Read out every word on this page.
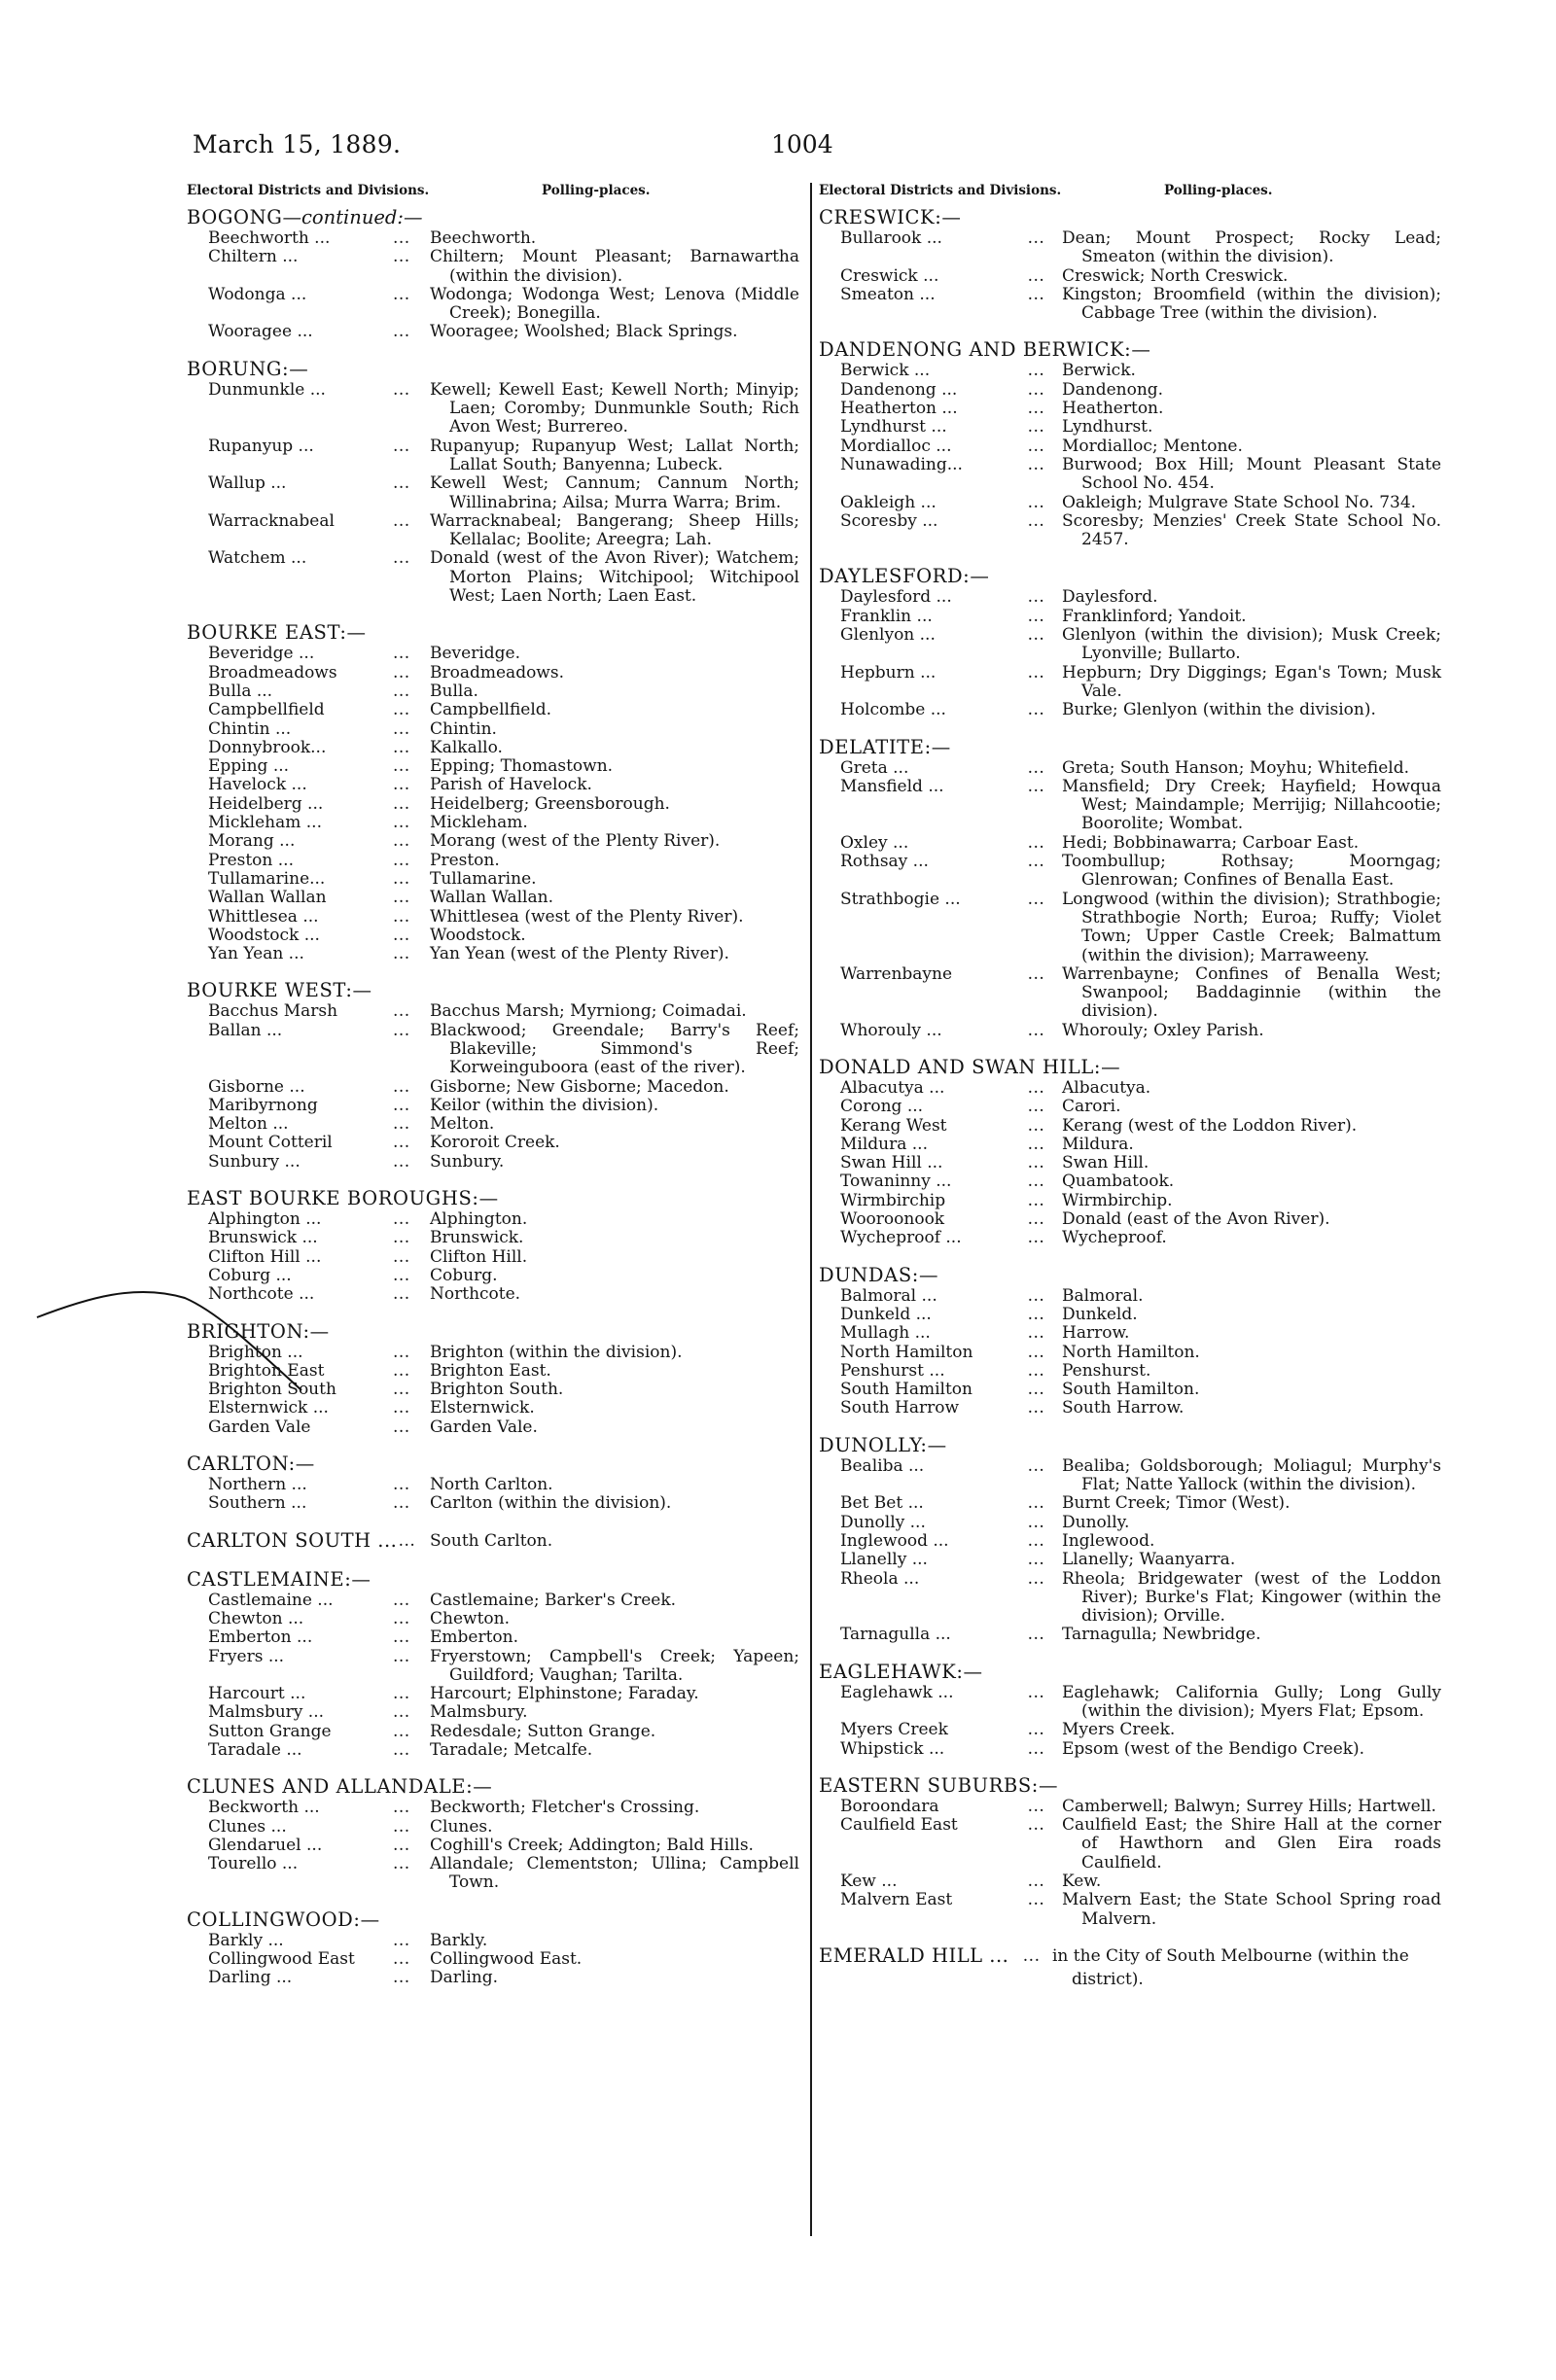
March 15, 1889.	1004
Electoral Districts and Divisions.	Polling-places.
BOGONG—continued:—
Beechworth ...	...	Beechworth.
Chiltern ...	...	Chiltern; Mount Pleasant; Barnawartha (within the division).
Wodonga ...	...	Wodonga; Wodonga West; Lenova (Middle Creek); Bonegilla.
Wooragee ...	...	Wooragee; Woolshed; Black Springs.
BORUNG:—
Dunmunkle ...	...	Kewell; Kewell East; Kewell North; Minyip; Laen; Coromby; Dunmunkle South; Rich Avon West; Burrereo.
Rupanyup ...	...	Rupanyup; Rupanyup West; Lallat North; Lallat South; Banyenna; Lubeck.
Wallup ...	...	Kewell West; Cannum; Cannum North; Willinabrina; Ailsa; Murra Warra; Brim.
Warracknabeal	...	Warracknabeal; Bangerang; Sheep Hills; Kellalac; Boolite; Areegra; Lah.
Watchem ...	...	Donald (west of the Avon River); Watchem; Morton Plains; Witchipool; Witchipool West; Laen North; Laen East.
BOURKE EAST:—
Beveridge ...	...	Beveridge.
Broadmeadows	...	Broadmeadows.
Bulla ...	...	Bulla.
Campbellfield	...	Campbellfield.
Chintin ...	...	Chintin.
Donnybrook...	...	Kalkallo.
Epping ...	...	Epping; Thomastown.
Havelock ...	...	Parish of Havelock.
Heidelberg ...	...	Heidelberg; Greensborough.
Mickleham ...	...	Mickleham.
Morang ...	...	Morang (west of the Plenty River).
Preston ...	...	Preston.
Tullamarine...	...	Tullamarine.
Wallan Wallan	...	Wallan Wallan.
Whittlesea ...	...	Whittlesea (west of the Plenty River).
Woodstock ...	...	Woodstock.
Yan Yean ...	...	Yan Yean (west of the Plenty River).
BOURKE WEST:—
Bacchus Marsh	...	Bacchus Marsh; Myrniong; Coimadai.
Ballan ...	...	Blackwood; Greendale; Barry's Reef; Blakeville; Simmond's Reef; Korweinguboora (east of the river).
Gisborne ...	...	Gisborne; New Gisborne; Macedon.
Maribyrnong	...	Keilor (within the division).
Melton ...	...	Melton.
Mount Cotteril	...	Kororoit Creek.
Sunbury ...	...	Sunbury.
EAST BOURKE BOROUGHS:—
Alphington ...	...	Alphington.
Brunswick ...	...	Brunswick.
Clifton Hill ...	...	Clifton Hill.
Coburg ...	...	Coburg.
Northcote ...	...	Northcote.
BRIGHTON:—
Brighton ...	...	Brighton (within the division).
Brighton East	...	Brighton East.
Brighton South	...	Brighton South.
Elsternwick ...	...	Elsternwick.
Garden Vale	...	Garden Vale.
CARLTON:—
Northern ...	...	North Carlton.
Southern ...	...	Carlton (within the division).
CARLTON SOUTH ... ... South Carlton.
CASTLEMAINE:—
Castlemaine ...	...	Castlemaine; Barker's Creek.
Chewton ...	...	Chewton.
Emberton ...	...	Emberton.
Fryers ...	...	Fryerstown; Campbell's Creek; Yapeen; Guildford; Vaughan; Tarilta.
Harcourt ...	...	Harcourt; Elphinstone; Faraday.
Malmsbury ...	...	Malmsbury.
Sutton Grange	...	Redesdale; Sutton Grange.
Taradale ...	...	Taradale; Metcalfe.
CLUNES AND ALLANDALE:—
Beckworth ...	...	Beckworth; Fletcher's Crossing.
Clunes ...	...	Clunes.
Glendaruel ...	...	Coghill's Creek; Addington; Bald Hills.
Tourello ...	...	Allandale; Clementston; Ullina; Campbell Town.
COLLINGWOOD:—
Barkly ...	...	Barkly.
Collingwood East	...	Collingwood East.
Darling ...	...	Darling.
Electoral Districts and Divisions.	Polling-places.
CRESWICK:—
Bullarook ...	...	Dean; Mount Prospect; Rocky Lead; Smeaton (within the division).
Creswick ...	...	Creswick; North Creswick.
Smeaton ...	...	Kingston; Broomfield (within the division); Cabbage Tree (within the division).
DANDENONG AND BERWICK:—
Berwick ...	...	Berwick.
Dandenong ...	...	Dandenong.
Heatherton ...	...	Heatherton.
Lyndhurst ...	...	Lyndhurst.
Mordialloc ...	...	Mordialloc; Mentone.
Nunawading...	...	Burwood; Box Hill; Mount Pleasant State School No. 454.
Oakleigh ...	...	Oakleigh; Mulgrave State School No. 734.
Scoresby ...	...	Scoresby; Menzies' Creek State School No. 2457.
DAYLESFORD:—
Daylesford ...	...	Daylesford.
Franklin ...	...	Franklinford; Yandoit.
Glenlyon ...	...	Glenlyon (within the division); Musk Creek; Lyonville; Bullarto.
Hepburn ...	...	Hepburn; Dry Diggings; Egan's Town; Musk Vale.
Holcombe ...	...	Burke; Glenlyon (within the division).
DELATITE:—
Greta ...	...	Greta; South Hanson; Moyhu; Whitefield.
Mansfield ...	...	Mansfield; Dry Creek; Hayfield; Howqua West; Maindample; Merrijig; Nillahcootie; Boorolite; Wombat.
Oxley ...	...	Hedi; Bobbinawarra; Carboar East.
Rothsay ...	...	Toombullup; Rothsay; Moorngag; Glenrowan; Confines of Benalla East.
Strathbogie ...	...	Longwood (within the division); Strathbogie; Strathbogie North; Euroa; Ruffy; Violet Town; Upper Castle Creek; Balmattum (within the division); Marraweeny.
Warrenbayne	...	Warrenbayne; Confines of Benalla West; Swanpool; Baddaginnie (within the division).
Whorouly ...	...	Whorouly; Oxley Parish.
DONALD AND SWAN HILL:—
Albacutya ...	...	Albacutya.
Corong ...	...	Carori.
Kerang West	...	Kerang (west of the Loddon River).
Mildura ...	...	Mildura.
Swan Hill ...	...	Swan Hill.
Towaninny ...	...	Quambatook.
Wirmbirchip	...	Wirmbirchip.
Wooroonook	...	Donald (east of the Avon River).
Wycheproof ...	...	Wycheproof.
DUNDAS:—
Balmoral ...	...	Balmoral.
Dunkeld ...	...	Dunkeld.
Mullagh ...	...	Harrow.
North Hamilton	...	North Hamilton.
Penshurst ...	...	Penshurst.
South Hamilton	...	South Hamilton.
South Harrow	...	South Harrow.
DUNOLLY:—
Bealiba ...	...	Bealiba; Goldsborough; Moliagul; Murphy's Flat; Natte Yallock (within the division).
Bet Bet ...	...	Burnt Creek; Timor (West).
Dunolly ...	...	Dunolly.
Inglewood ...	...	Inglewood.
Llanelly ...	...	Llanelly; Waanyarra.
Rheola ...	...	Rheola; Bridgewater (west of the Loddon River); Burke's Flat; Kingower (within the division); Orville.
Tarnagulla ...	...	Tarnagulla; Newbridge.
EAGLEHAWK:—
Eaglehawk ...	...	Eaglehawk; California Gully; Long Gully (within the division); Myers Flat; Epsom.
Myers Creek	...	Myers Creek.
Whipstick ...	...	Epsom (west of the Bendigo Creek).
EASTERN SUBURBS:—
Boroondara	...	Camberwell; Balwyn; Surrey Hills; Hartwell.
Caulfield East	...	Caulfield East; the Shire Hall at the corner of Hawthorn and Glen Eira roads Caulfield.
Kew ...	...	Kew.
Malvern East	...	Malvern East; the State School Spring road Malvern.
EMERALD HILL ... ... in the City of South Melbourne (within the district).
